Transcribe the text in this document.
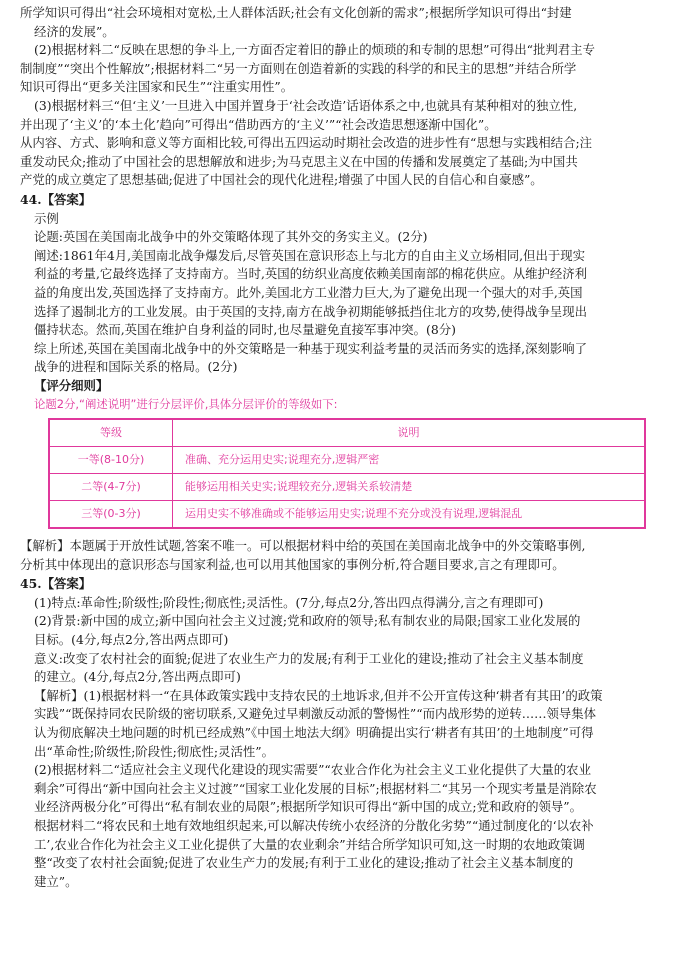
所学知识可得出“社会环境相对宽松,土人群体活跃;社会有文化创新的需求”;根据所学知识可得出“封建

经济的发展”。

(2)根据材料二“反映在思想的争斗上,一方面否定着旧的静止的烦琐的和专制的思想”可得出“批判君主专

制制度”“突出个性解放”;根据材料二“另一方面则在创造着新的实践的科学的和民主的思想”并结合所学

知识可得出“更多关注国家和民生”“注重实用性”。

(3)根据材料三“但‘主义’一旦进入中国并置身于‘社会改造’话语体系之中,也就具有某种相对的独立性,

并出现了‘主义’的‘本土化’趋向”可得出“借助西方的‘主义’”“社会改造思想逐渐中国化”。

从内容、方式、影响和意义等方面相比较,可得出五四运动时期社会改造的进步性有“思想与实践相结合;注

重发动民众;推动了中国社会的思想解放和进步;为马克思主义在中国的传播和发展奠定了基础;为中国共

产党的成立奠定了思想基础;促进了中国社会的现代化进程;增强了中国人民的自信心和自豪感”。

44.【答案】

示例

论题:英国在美国南北战争中的外交策略体现了其外交的务实主义。(2分)

阐述:1861年4月,美国南北战争爆发后,尽管英国在意识形态上与北方的自由主义立场相同,但出于现实

利益的考量,它最终选择了支持南方。当时,英国的纺织业高度依赖美国南部的棉花供应。从维护经济利

益的角度出发,英国选择了支持南方。此外,美国北方工业潜力巨大,为了避免出现一个强大的对手,英国

选择了遏制北方的工业发展。由于英国的支持,南方在战争初期能够抵挡住北方的攻势,使得战争呈现出

僵持状态。然而,英国在维护自身利益的同时,也尽量避免直接军事冲突。(8分)

综上所述,英国在美国南北战争中的外交策略是一种基于现实利益考量的灵活而务实的选择,深刻影响了

战争的进程和国际关系的格局。(2分)

【评分细则】

论题2分,“阐述说明”进行分层评价,具体分层评价的等级如下:

等级	说明
一等(8-10分)	准确、充分运用史实;说理充分,逻辑严密
二等(4-7分)	能够运用相关史实;说理较充分,逻辑关系较清楚
三等(0-3分)	运用史实不够准确或不能够运用史实;说理不充分或没有说理,逻辑混乱

【解析】本题属于开放性试题,答案不唯一。可以根据材料中给的英国在美国南北战争中的外交策略事例,

分析其中体现出的意识形态与国家利益,也可以用其他国家的事例分析,符合题目要求,言之有理即可。

45.【答案】

(1)特点:革命性;阶级性;阶段性;彻底性;灵活性。(7分,每点2分,答出四点得满分,言之有理即可)

(2)背景:新中国的成立;新中国向社会主义过渡;党和政府的领导;私有制农业的局限;国家工业化发展的

目标。(4分,每点2分,答出两点即可)

意义:改变了农村社会的面貌;促进了农业生产力的发展;有利于工业化的建设;推动了社会主义基本制度

的建立。(4分,每点2分,答出两点即可)

【解析】(1)根据材料一“在具体政策实践中支持农民的土地诉求,但并不公开宣传这种‘耕者有其田’的政策

实践”“既保持同农民阶级的密切联系,又避免过早刺激反动派的警惕性”“而内战形势的逆转……领导集体

认为彻底解决土地问题的时机已经成熟”《中国土地法大纲》明确提出实行‘耕者有其田’的土地制度”可得

出“革命性;阶级性;阶段性;彻底性;灵活性”。

(2)根据材料二“适应社会主义现代化建设的现实需要”“农业合作化为社会主义工业化提供了大量的农业

剩余”可得出“新中国向社会主义过渡”“国家工业化发展的目标”;根据材料二“其另一个现实考量是消除农

业经济两极分化”可得出“私有制农业的局限”;根据所学知识可得出“新中国的成立;党和政府的领导”。

根据材料二“将农民和土地有效地组织起来,可以解决传统小农经济的分散化劣势”“通过制度化的‘以农补

工’,农业合作化为社会主义工业化提供了大量的农业剩余”并结合所学知识可知,这一时期的农地政策调

整“改变了农村社会面貌;促进了农业生产力的发展;有利于工业化的建设;推动了社会主义基本制度的

建立”。
